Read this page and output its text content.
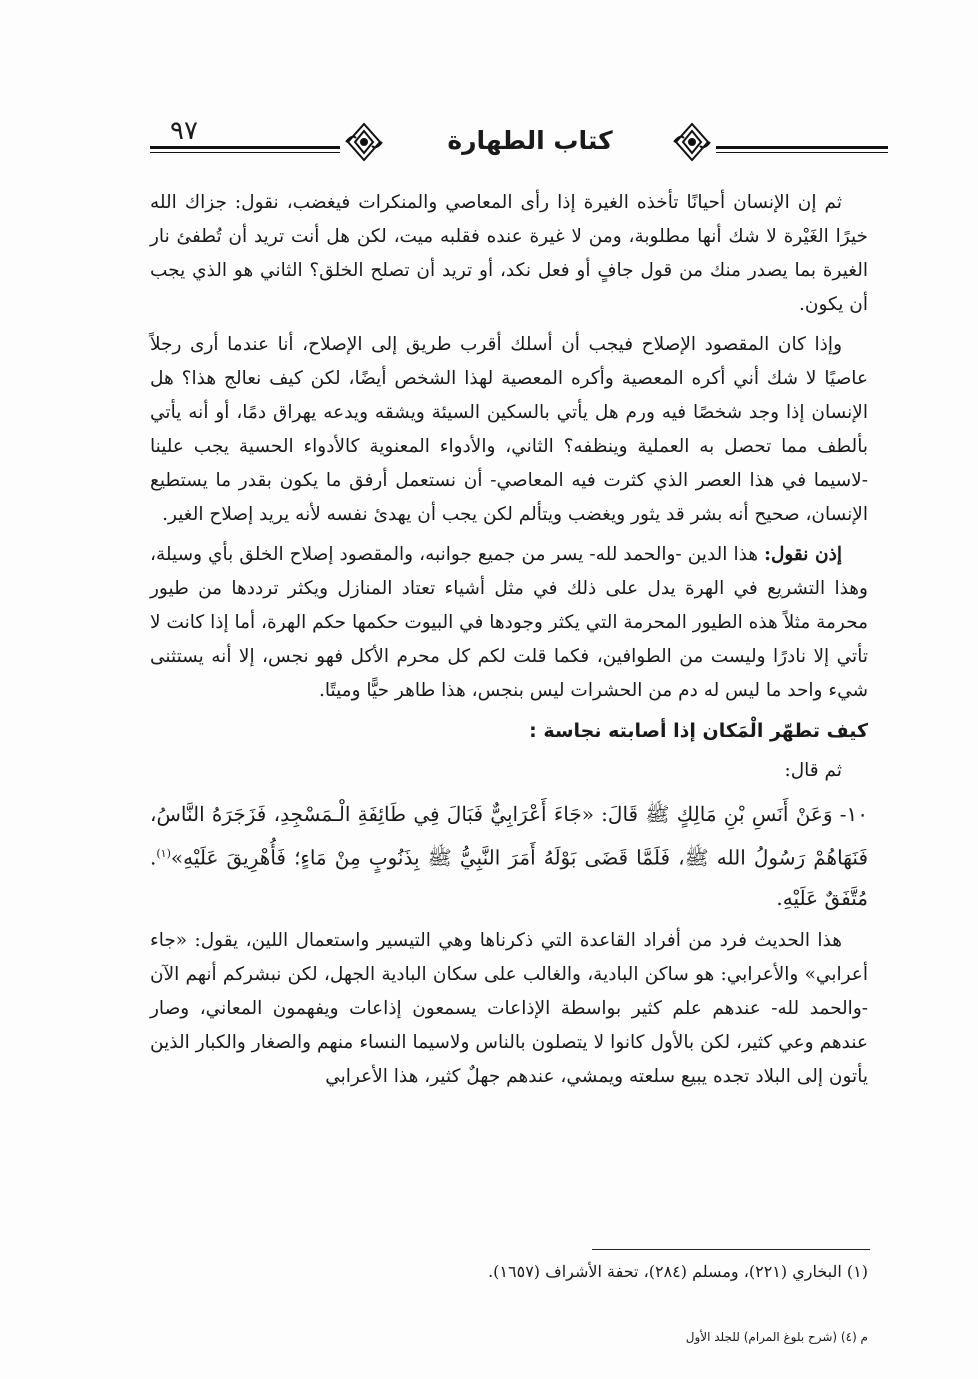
٩٧	كتاب الطهارة

ثم إن الإنسان أحيانًا تأخذه الغيرة إذا رأى المعاصي والمنكرات فيغضب، نقول: جزاك الله خيرًا الغَيْرة لا شك أنها مطلوبة، ومن لا غيرة عنده فقلبه ميت، لكن هل أنت تريد أن تُطفئ نار الغيرة بما يصدر منك من قول جافٍ أو فعل نكد، أو تريد أن تصلح الخلق؟ الثاني هو الذي يجب أن يكون.

وإذا كان المقصود الإصلاح فيجب أن أسلك أقرب طريق إلى الإصلاح، أنا عندما أرى رجلاً عاصيًا لا شك أني أكره المعصية وأكره المعصية لهذا الشخص أيضًا، لكن كيف نعالج هذا؟ هل الإنسان إذا وجد شخصًا فيه ورم هل يأتي بالسكين السيئة ويشقه ويدعه يهراق دمًا، أو أنه يأتي بألطف مما تحصل به العملية وينظفه؟ الثاني، والأدواء المعنوية كالأدواء الحسية يجب علينا -لاسيما في هذا العصر الذي كثرت فيه المعاصي- أن نستعمل أرفق ما يكون بقدر ما يستطيع الإنسان، صحيح أنه بشر قد يثور ويغضب ويتألم لكن يجب أن يهدئ نفسه لأنه يريد إصلاح الغير.

إذن نقول: هذا الدين -والحمد لله- يسر من جميع جوانبه، والمقصود إصلاح الخلق بأي وسيلة، وهذا التشريع في الهرة يدل على ذلك في مثل أشياء تعتاد المنازل ويكثر ترددها من طيور محرمة مثلاً هذه الطيور المحرمة التي يكثر وجودها في البيوت حكمها حكم الهرة، أما إذا كانت لا تأتي إلا نادرًا وليست من الطوافين، فكما قلت لكم كل محرم الأكل فهو نجس، إلا أنه يستثنى شيء واحد ما ليس له دم من الحشرات ليس بنجس، هذا طاهر حيًّا وميتًا.

كيف تطهّر الْمَكان إذا أصابته نجاسة :

ثم قال:

١٠- وَعَنْ أَنَسِ بْنِ مَالِكٍ ﷺ قَالَ: «جَاءَ أَعْرَابِيٌّ فَبَالَ فِي طَائِفَةِ الْـمَسْجِدِ، فَزَجَرَهُ النَّاسُ، فَنَهَاهُمْ رَسُولُ الله ﷺ، فَلَمَّا قَضَى بَوْلَهُ أَمَرَ النَّبِيُّ ﷺ بِذَنُوبٍ مِنْ مَاءٍ؛ فَأُهْرِيقَ عَلَيْهِ»$^{(١)}$. مُتَّفَقٌ عَلَيْهِ.

هذا الحديث فرد من أفراد القاعدة التي ذكرناها وهي التيسير واستعمال اللين، يقول: «جاء أعرابي» والأعرابي: هو ساكن البادية، والغالب على سكان البادية الجهل، لكن نبشركم أنهم الآن -والحمد لله- عندهم علم كثير بواسطة الإذاعات يسمعون إذاعات ويفهمون المعاني، وصار عندهم وعي كثير، لكن بالأول كانوا لا يتصلون بالناس ولاسيما النساء منهم والصغار والكبار الذين يأتون إلى البلاد تجده يبيع سلعته ويمشي، عندهم جهلٌ كثير، هذا الأعرابي

(١) البخاري (٢٢١)، ومسلم (٢٨٤)، تحفة الأشراف (١٦٥٧).
م (٤) (شرح بلوغ المرام) للجلد الأول
